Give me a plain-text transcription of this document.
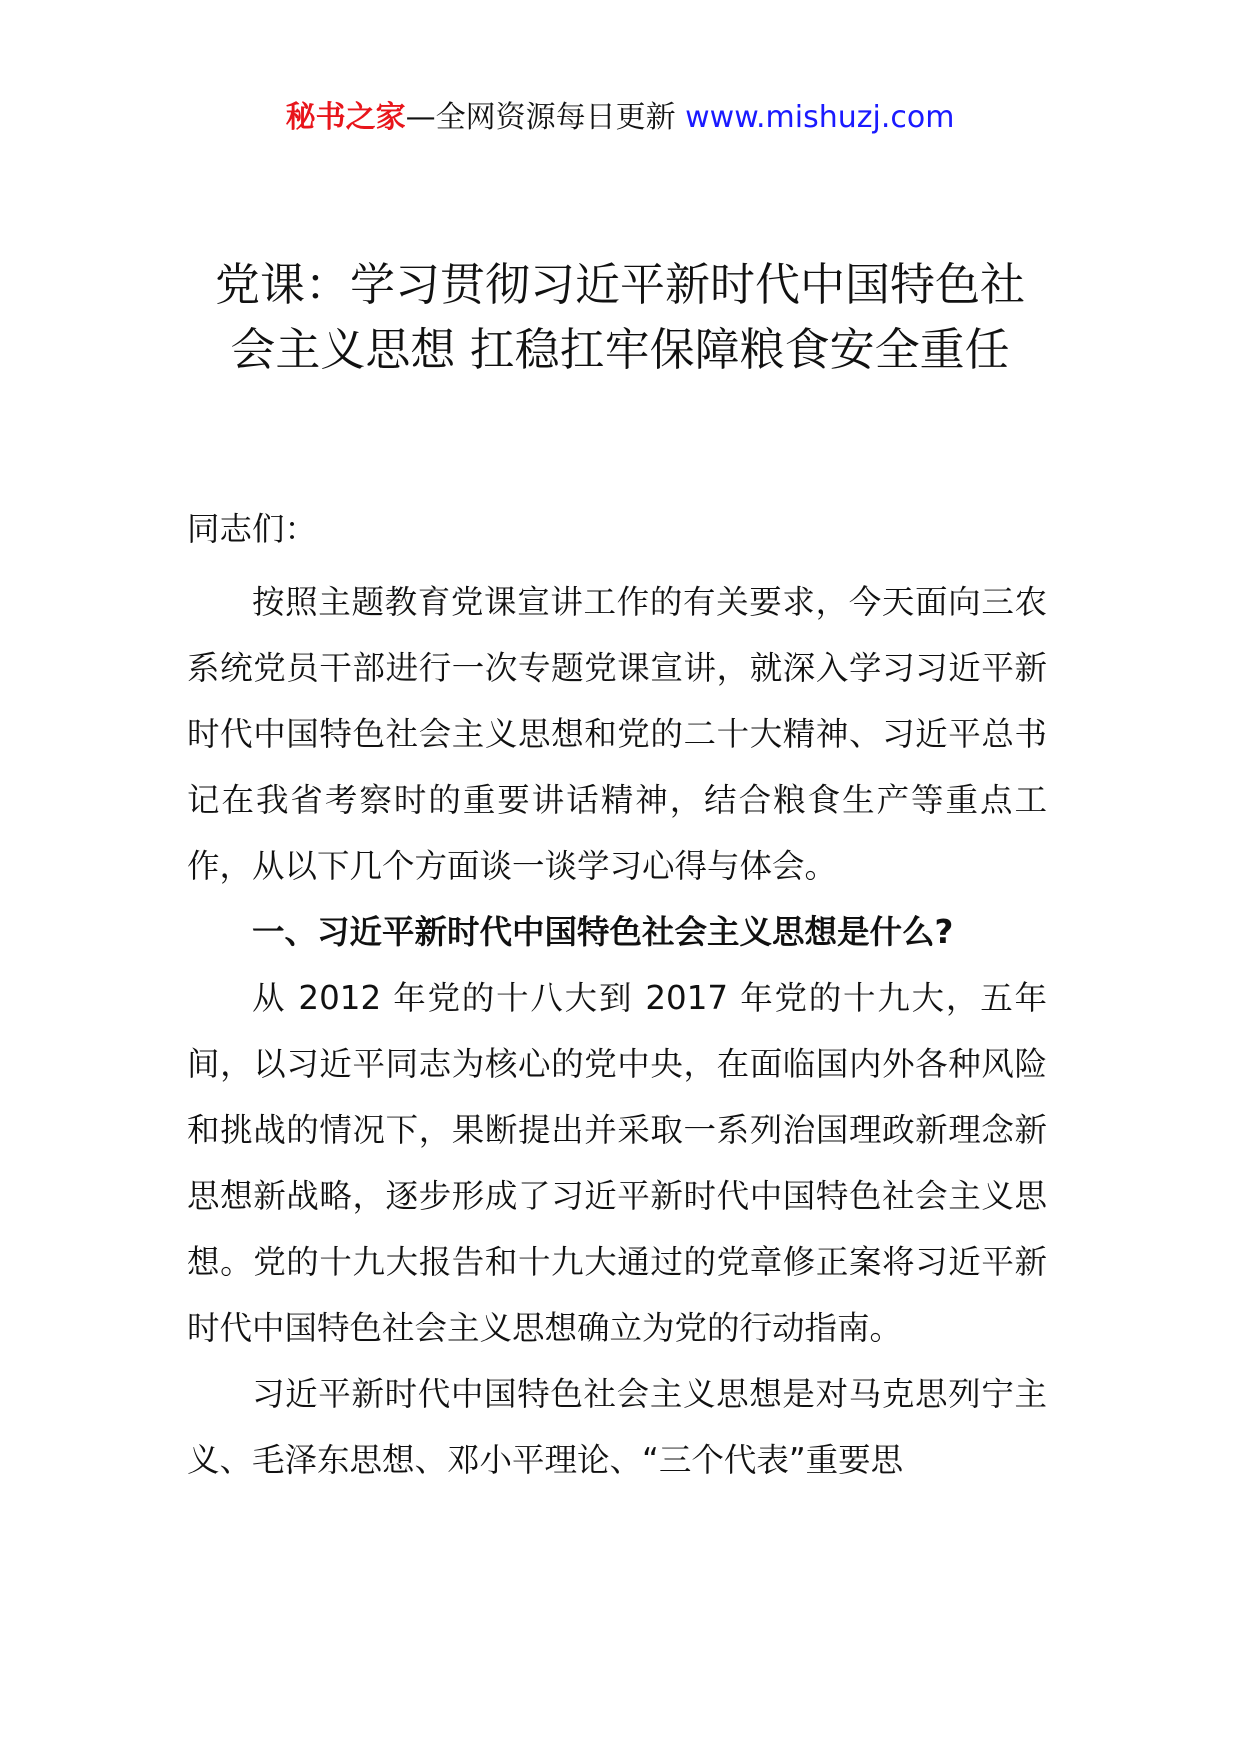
秘书之家—全网资源每日更新 www.mishuzj.com
党课：学习贯彻习近平新时代中国特色社
会主义思想 扛稳扛牢保障粮食安全重任

同志们：

按照主题教育党课宣讲工作的有关要求，今天面向三农系统党员干部进行一次专题党课宣讲，就深入学习习近平新时代中国特色社会主义思想和党的二十大精神、习近平总书记在我省考察时的重要讲话精神，结合粮食生产等重点工作，从以下几个方面谈一谈学习心得与体会。

一、习近平新时代中国特色社会主义思想是什么?

从 2012 年党的十八大到 2017 年党的十九大，五年间，以习近平同志为核心的党中央，在面临国内外各种风险和挑战的情况下，果断提出并采取一系列治国理政新理念新思想新战略，逐步形成了习近平新时代中国特色社会主义思想。党的十九大报告和十九大通过的党章修正案将习近平新时代中国特色社会主义思想确立为党的行动指南。

习近平新时代中国特色社会主义思想是对马克思列宁主义、毛泽东思想、邓小平理论、“三个代表”重要思
